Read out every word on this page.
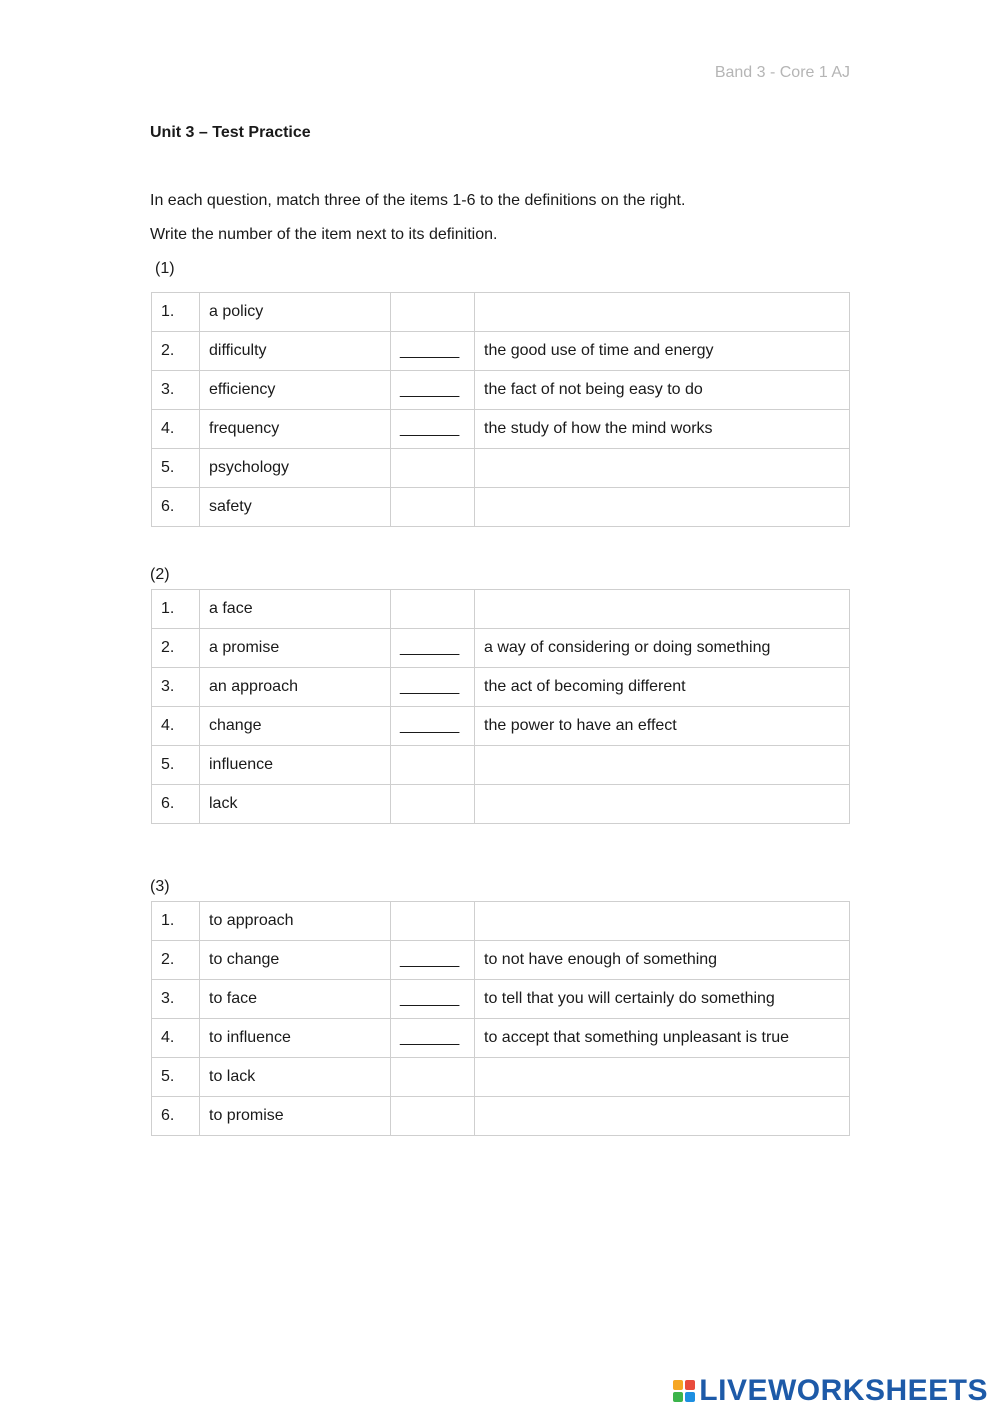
Band 3 - Core 1 AJ
Unit 3 – Test Practice
In each question, match three of the items 1-6 to the definitions on the right.
Write the number of the item next to its definition.
(1)
1.	a policy		
2.	difficulty	_______	the good use of time and energy
3.	efficiency	_______	the fact of not being easy to do
4.	frequency	_______	the study of how the mind works
5.	psychology		
6.	safety		
(2)
1.	a face		
2.	a promise	_______	a way of considering or doing something
3.	an approach	_______	the act of becoming different
4.	change	_______	the power to have an effect
5.	influence		
6.	lack		
(3)
1.	to approach		
2.	to change	_______	to not have enough of something
3.	to face	_______	to tell that you will certainly do something
4.	to influence	_______	to accept that something unpleasant is true
5.	to lack		
6.	to promise		
LIVEWORKSHEETS
